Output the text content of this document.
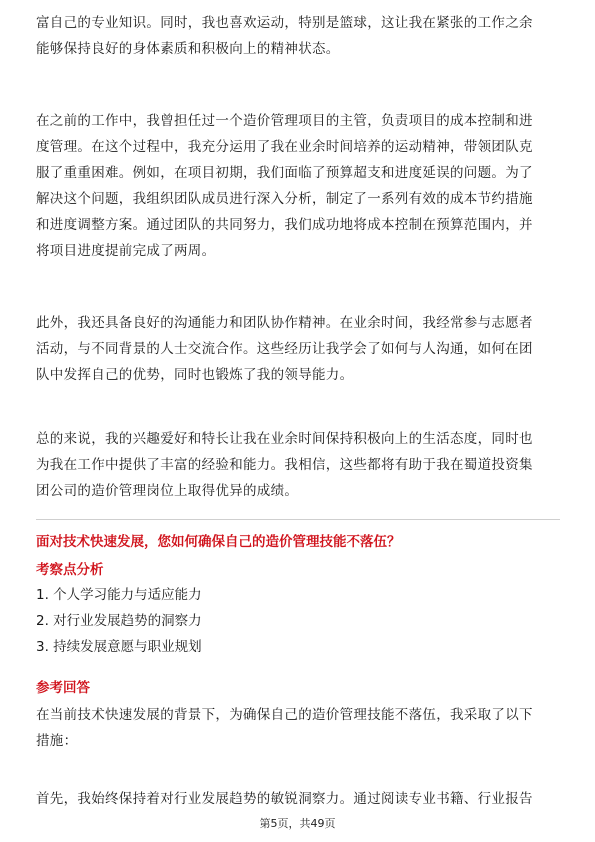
富自己的专业知识。同时，我也喜欢运动，特别是篮球，这让我在紧张的工作之余

能够保持良好的身体素质和积极向上的精神状态。

在之前的工作中，我曾担任过一个造价管理项目的主管，负责项目的成本控制和进

度管理。在这个过程中，我充分运用了我在业余时间培养的运动精神，带领团队克

服了重重困难。例如，在项目初期，我们面临了预算超支和进度延误的问题。为了

解决这个问题，我组织团队成员进行深入分析，制定了一系列有效的成本节约措施

和进度调整方案。通过团队的共同努力，我们成功地将成本控制在预算范围内，并

将项目进度提前完成了两周。

此外，我还具备良好的沟通能力和团队协作精神。在业余时间，我经常参与志愿者

活动，与不同背景的人士交流合作。这些经历让我学会了如何与人沟通，如何在团

队中发挥自己的优势，同时也锻炼了我的领导能力。

总的来说，我的兴趣爱好和特长让我在业余时间保持积极向上的生活态度，同时也

为我在工作中提供了丰富的经验和能力。我相信，这些都将有助于我在蜀道投资集

团公司的造价管理岗位上取得优异的成绩。

面对技术快速发展，您如何确保自己的造价管理技能不落伍？
考察点分析
1. 个人学习能力与适应能力
2. 对行业发展趋势的洞察力
3. 持续发展意愿与职业规划
参考回答

在当前技术快速发展的背景下，为确保自己的造价管理技能不落伍，我采取了以下

措施：

首先，我始终保持着对行业发展趋势的敏锐洞察力。通过阅读专业书籍、行业报告

第5页，共49页
